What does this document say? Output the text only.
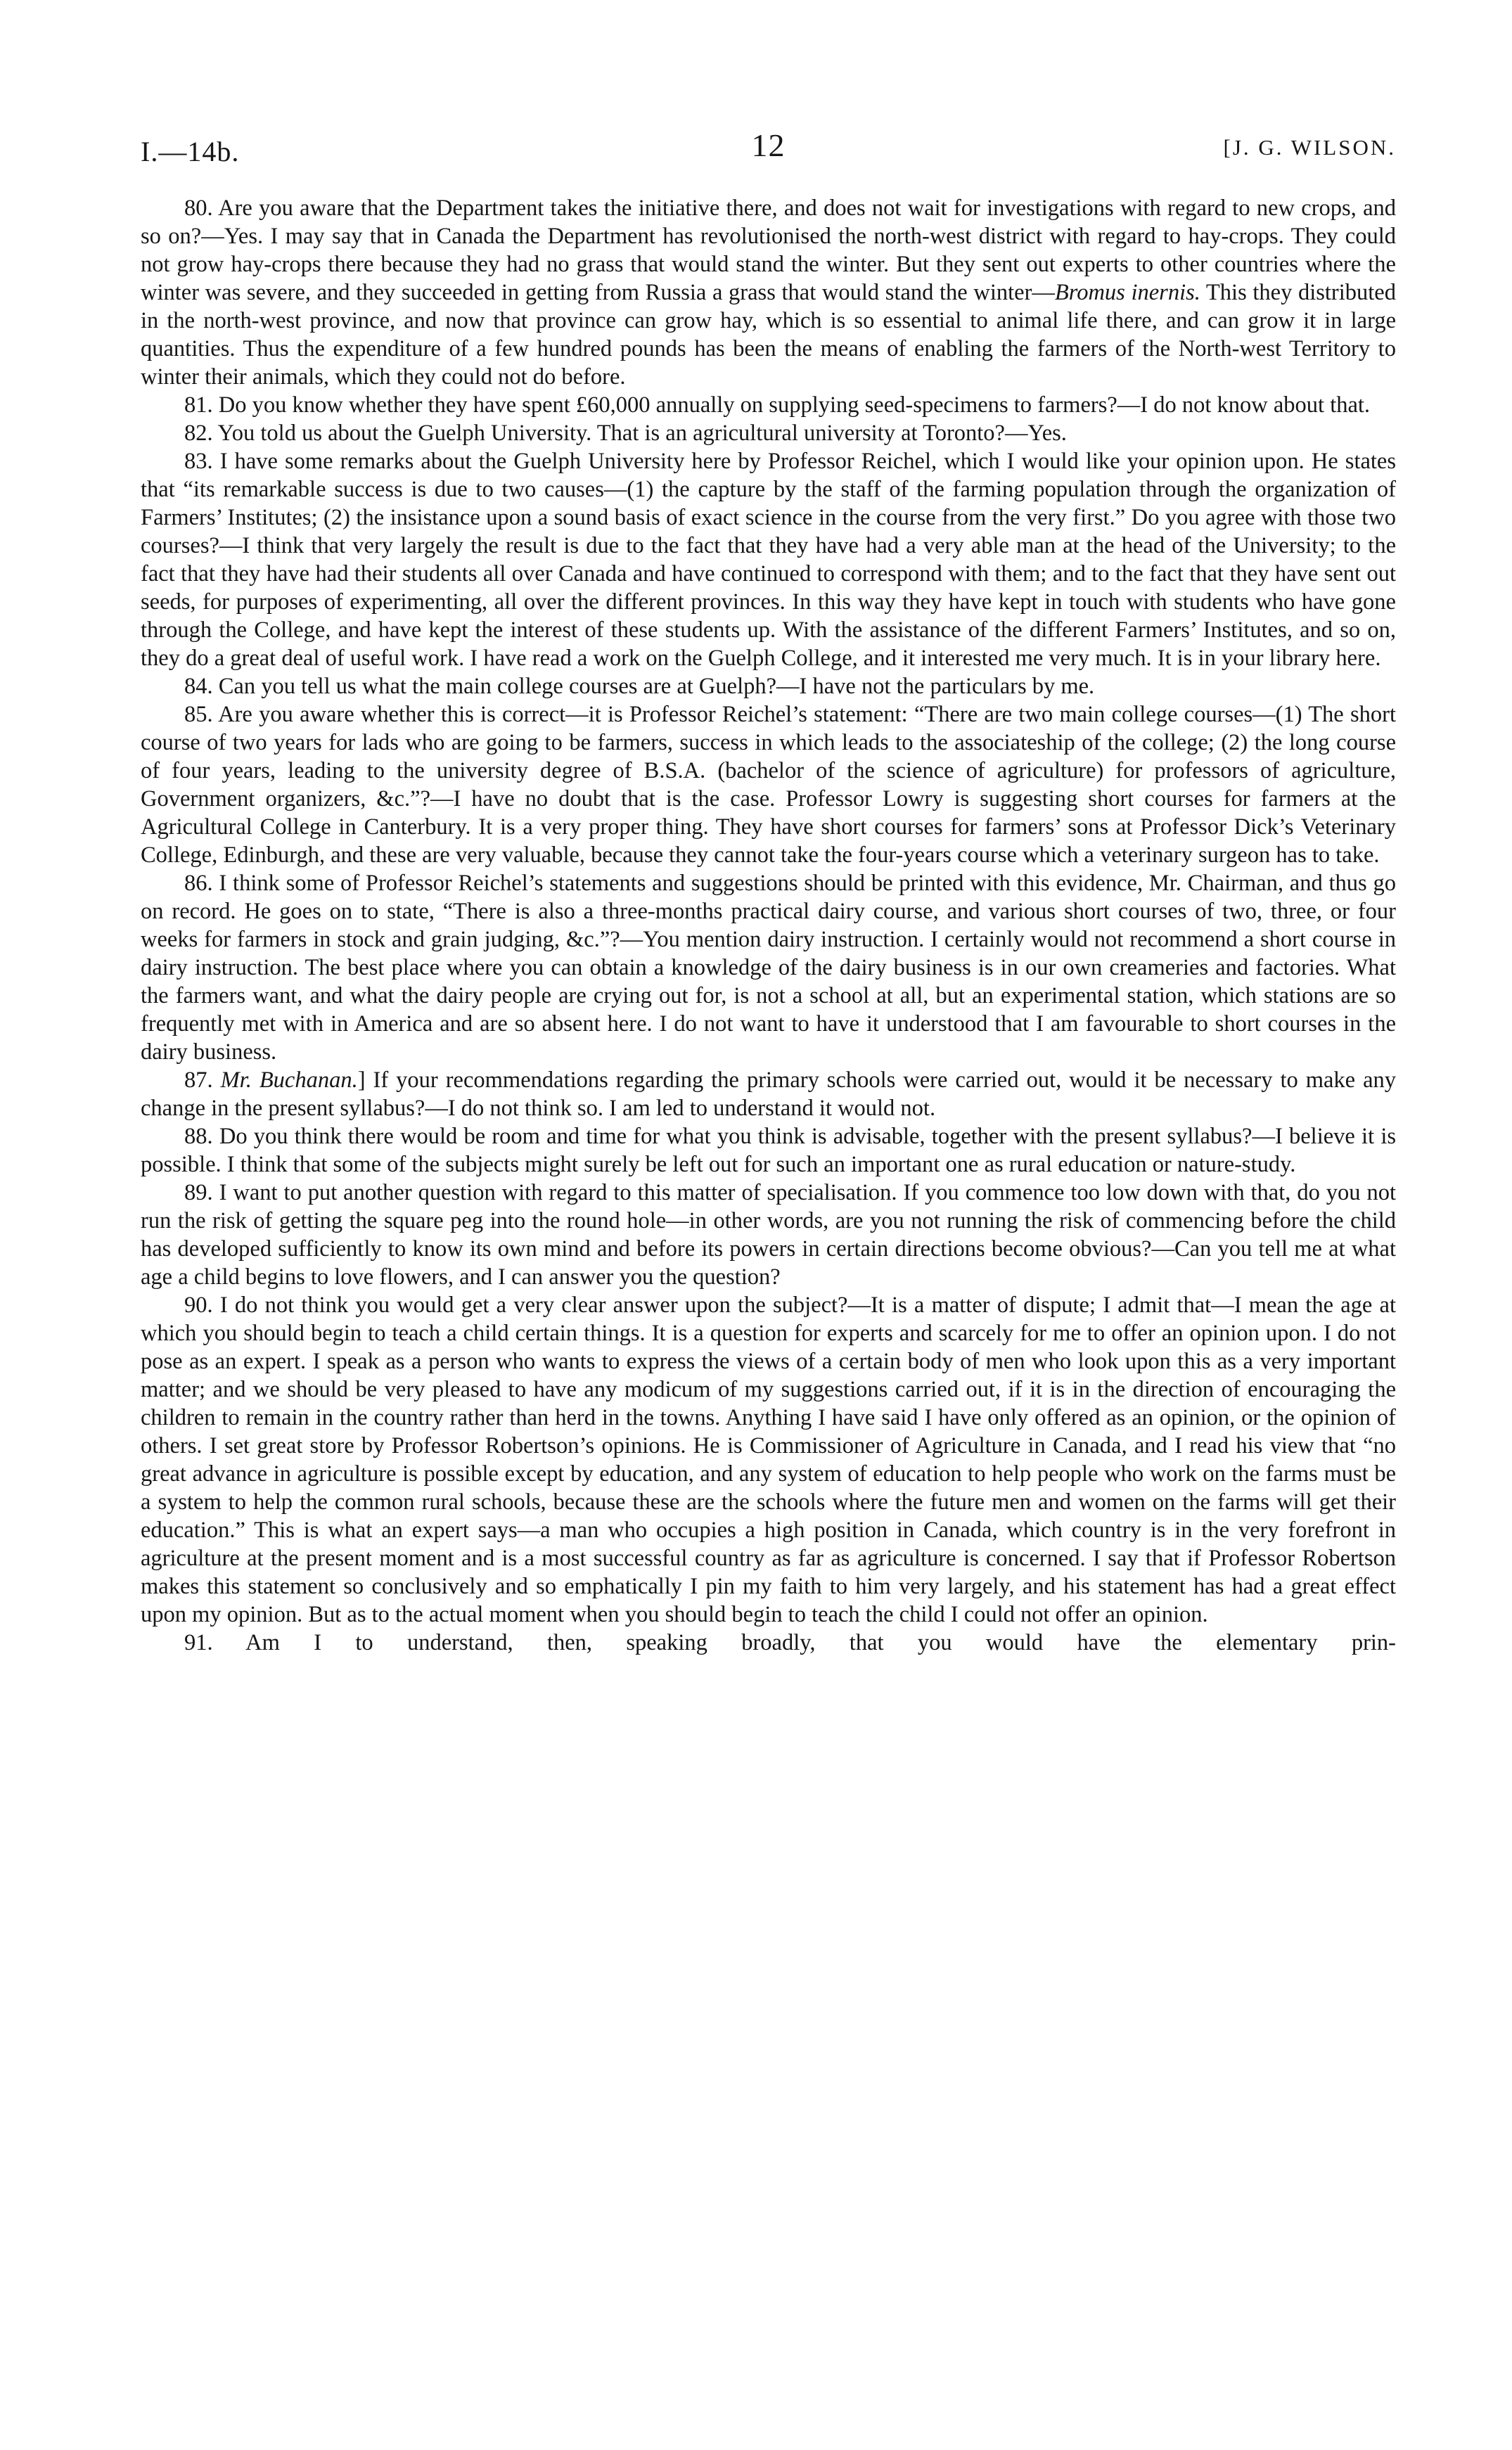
I.—14b.	12	[J. G. WILSON.

80. Are you aware that the Department takes the initiative there, and does not wait for investigations with regard to new crops, and so on?—Yes. I may say that in Canada the Department has revolutionised the north-west district with regard to hay-crops. They could not grow hay-crops there because they had no grass that would stand the winter. But they sent out experts to other countries where the winter was severe, and they succeeded in getting from Russia a grass that would stand the winter—Bromus inernis. This they distributed in the north-west province, and now that province can grow hay, which is so essential to animal life there, and can grow it in large quantities. Thus the expenditure of a few hundred pounds has been the means of enabling the farmers of the North-west Territory to winter their animals, which they could not do before.

81. Do you know whether they have spent £60,000 annually on supplying seed-specimens to farmers?—I do not know about that.

82. You told us about the Guelph University. That is an agricultural university at Toronto?—Yes.

83. I have some remarks about the Guelph University here by Professor Reichel, which I would like your opinion upon. He states that “its remarkable success is due to two causes—(1) the capture by the staff of the farming population through the organization of Farmers’ Institutes; (2) the insistance upon a sound basis of exact science in the course from the very first.” Do you agree with those two courses?—I think that very largely the result is due to the fact that they have had a very able man at the head of the University; to the fact that they have had their students all over Canada and have continued to correspond with them; and to the fact that they have sent out seeds, for purposes of experimenting, all over the different provinces. In this way they have kept in touch with students who have gone through the College, and have kept the interest of these students up. With the assistance of the different Farmers’ Institutes, and so on, they do a great deal of useful work. I have read a work on the Guelph College, and it interested me very much. It is in your library here.

84. Can you tell us what the main college courses are at Guelph?—I have not the particulars by me.

85. Are you aware whether this is correct—it is Professor Reichel’s statement: “There are two main college courses—(1) The short course of two years for lads who are going to be farmers, success in which leads to the associateship of the college; (2) the long course of four years, leading to the university degree of B.S.A. (bachelor of the science of agriculture) for professors of agriculture, Government organizers, &c.”?—I have no doubt that is the case. Professor Lowry is suggesting short courses for farmers at the Agricultural College in Canterbury. It is a very proper thing. They have short courses for farmers’ sons at Professor Dick’s Veterinary College, Edinburgh, and these are very valuable, because they cannot take the four-years course which a veterinary surgeon has to take.

86. I think some of Professor Reichel’s statements and suggestions should be printed with this evidence, Mr. Chairman, and thus go on record. He goes on to state, “There is also a three-months practical dairy course, and various short courses of two, three, or four weeks for farmers in stock and grain judging, &c.”?—You mention dairy instruction. I certainly would not recommend a short course in dairy instruction. The best place where you can obtain a knowledge of the dairy business is in our own creameries and factories. What the farmers want, and what the dairy people are crying out for, is not a school at all, but an experimental station, which stations are so frequently met with in America and are so absent here. I do not want to have it understood that I am favourable to short courses in the dairy business.

87. Mr. Buchanan.] If your recommendations regarding the primary schools were carried out, would it be necessary to make any change in the present syllabus?—I do not think so. I am led to understand it would not.

88. Do you think there would be room and time for what you think is advisable, together with the present syllabus?—I believe it is possible. I think that some of the subjects might surely be left out for such an important one as rural education or nature-study.

89. I want to put another question with regard to this matter of specialisation. If you commence too low down with that, do you not run the risk of getting the square peg into the round hole—in other words, are you not running the risk of commencing before the child has developed sufficiently to know its own mind and before its powers in certain directions become obvious?—Can you tell me at what age a child begins to love flowers, and I can answer you the question?

90. I do not think you would get a very clear answer upon the subject?—It is a matter of dispute; I admit that—I mean the age at which you should begin to teach a child certain things. It is a question for experts and scarcely for me to offer an opinion upon. I do not pose as an expert. I speak as a person who wants to express the views of a certain body of men who look upon this as a very important matter; and we should be very pleased to have any modicum of my suggestions carried out, if it is in the direction of encouraging the children to remain in the country rather than herd in the towns. Anything I have said I have only offered as an opinion, or the opinion of others. I set great store by Professor Robertson’s opinions. He is Commissioner of Agriculture in Canada, and I read his view that “no great advance in agriculture is possible except by education, and any system of education to help people who work on the farms must be a system to help the common rural schools, because these are the schools where the future men and women on the farms will get their education.” This is what an expert says—a man who occupies a high position in Canada, which country is in the very forefront in agriculture at the present moment and is a most successful country as far as agriculture is concerned. I say that if Professor Robertson makes this statement so conclusively and so emphatically I pin my faith to him very largely, and his statement has had a great effect upon my opinion. But as to the actual moment when you should begin to teach the child I could not offer an opinion.

91. Am I to understand, then, speaking broadly, that you would have the elementary prin-
